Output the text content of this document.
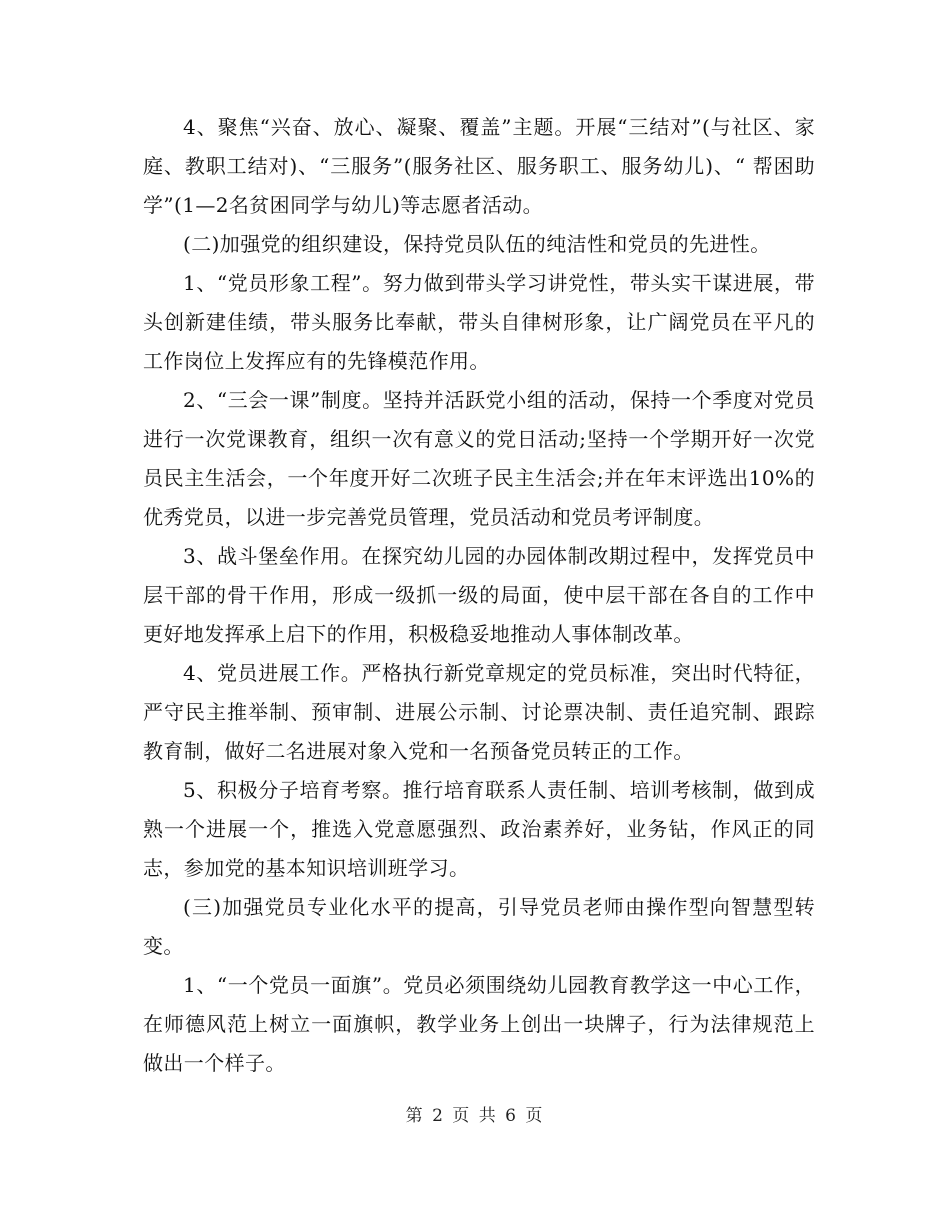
4、聚焦“兴奋、放心、凝聚、覆盖”主题。开展“三结对”(与社区、家庭、教职工结对)、“三服务”(服务社区、服务职工、服务幼儿)、“ 帮困助学”(1—2名贫困同学与幼儿)等志愿者活动。

(二)加强党的组织建设，保持党员队伍的纯洁性和党员的先进性。

1、“党员形象工程”。努力做到带头学习讲党性，带头实干谋进展，带头创新建佳绩，带头服务比奉献，带头自律树形象，让广阔党员在平凡的工作岗位上发挥应有的先锋模范作用。

2、“三会一课”制度。坚持并活跃党小组的活动，保持一个季度对党员进行一次党课教育，组织一次有意义的党日活动;坚持一个学期开好一次党员民主生活会，一个年度开好二次班子民主生活会;并在年末评选出10%的优秀党员，以进一步完善党员管理，党员活动和党员考评制度。

3、战斗堡垒作用。在探究幼儿园的办园体制改期过程中，发挥党员中层干部的骨干作用，形成一级抓一级的局面，使中层干部在各自的工作中更好地发挥承上启下的作用，积极稳妥地推动人事体制改革。

4、党员进展工作。严格执行新党章规定的党员标准，突出时代特征，严守民主推举制、预审制、进展公示制、讨论票决制、责任追究制、跟踪教育制，做好二名进展对象入党和一名预备党员转正的工作。

5、积极分子培育考察。推行培育联系人责任制、培训考核制，做到成熟一个进展一个，推选入党意愿强烈、政治素养好，业务钻，作风正的同志，参加党的基本知识培训班学习。

(三)加强党员专业化水平的提高，引导党员老师由操作型向智慧型转变。

1、“一个党员一面旗”。党员必须围绕幼儿园教育教学这一中心工作，在师德风范上树立一面旗帜，教学业务上创出一块牌子，行为法律规范上做出一个样子。

第 2 页 共 6 页
